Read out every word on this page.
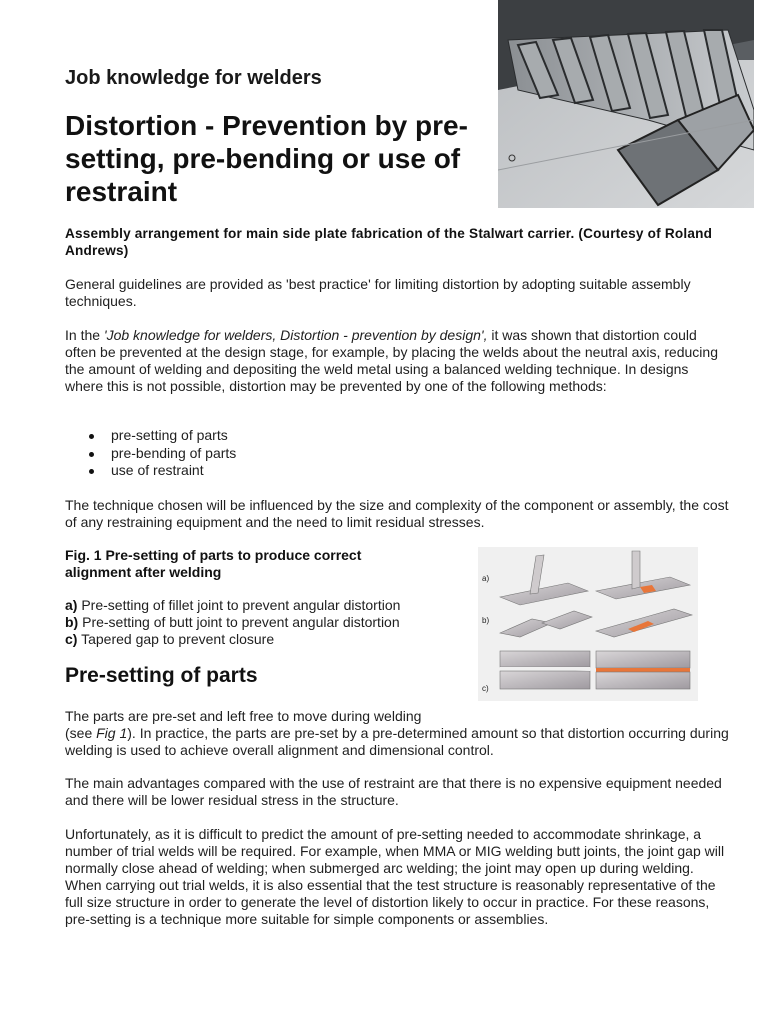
Job knowledge for welders
Distortion - Prevention by pre-setting, pre-bending or use of restraint

Assembly arrangement for main side plate fabrication of the Stalwart carrier. (Courtesy of Roland Andrews)

General guidelines are provided as 'best practice' for limiting distortion by adopting suitable assembly techniques.

In the 'Job knowledge for welders, Distortion - prevention by design', it was shown that distortion could often be prevented at the design stage, for example, by placing the welds about the neutral axis, reducing the amount of welding and depositing the weld metal using a balanced welding technique. In designs where this is not possible, distortion may be prevented by one of the following methods:

pre-setting of parts
pre-bending of parts
use of restraint

The technique chosen will be influenced by the size and complexity of the component or assembly, the cost of any restraining equipment and the need to limit residual stresses.

Fig. 1 Pre-setting of parts to produce correct alignment after welding

a) Pre-setting of fillet joint to prevent angular distortion
b) Pre-setting of butt joint to prevent angular distortion
c) Tapered gap to prevent closure
a)
b)
c)
Pre-setting of parts

The parts are pre-set and left free to move during welding
(see Fig 1). In practice, the parts are pre-set by a pre-determined amount so that distortion occurring during welding is used to achieve overall alignment and dimensional control.

The main advantages compared with the use of restraint are that there is no expensive equipment needed and there will be lower residual stress in the structure.

Unfortunately, as it is difficult to predict the amount of pre-setting needed to accommodate shrinkage, a number of trial welds will be required. For example, when MMA or MIG welding butt joints, the joint gap will normally close ahead of welding; when submerged arc welding; the joint may open up during welding. When carrying out trial welds, it is also essential that the test structure is reasonably representative of the full size structure in order to generate the level of distortion likely to occur in practice. For these reasons, pre-setting is a technique more suitable for simple components or assemblies.
